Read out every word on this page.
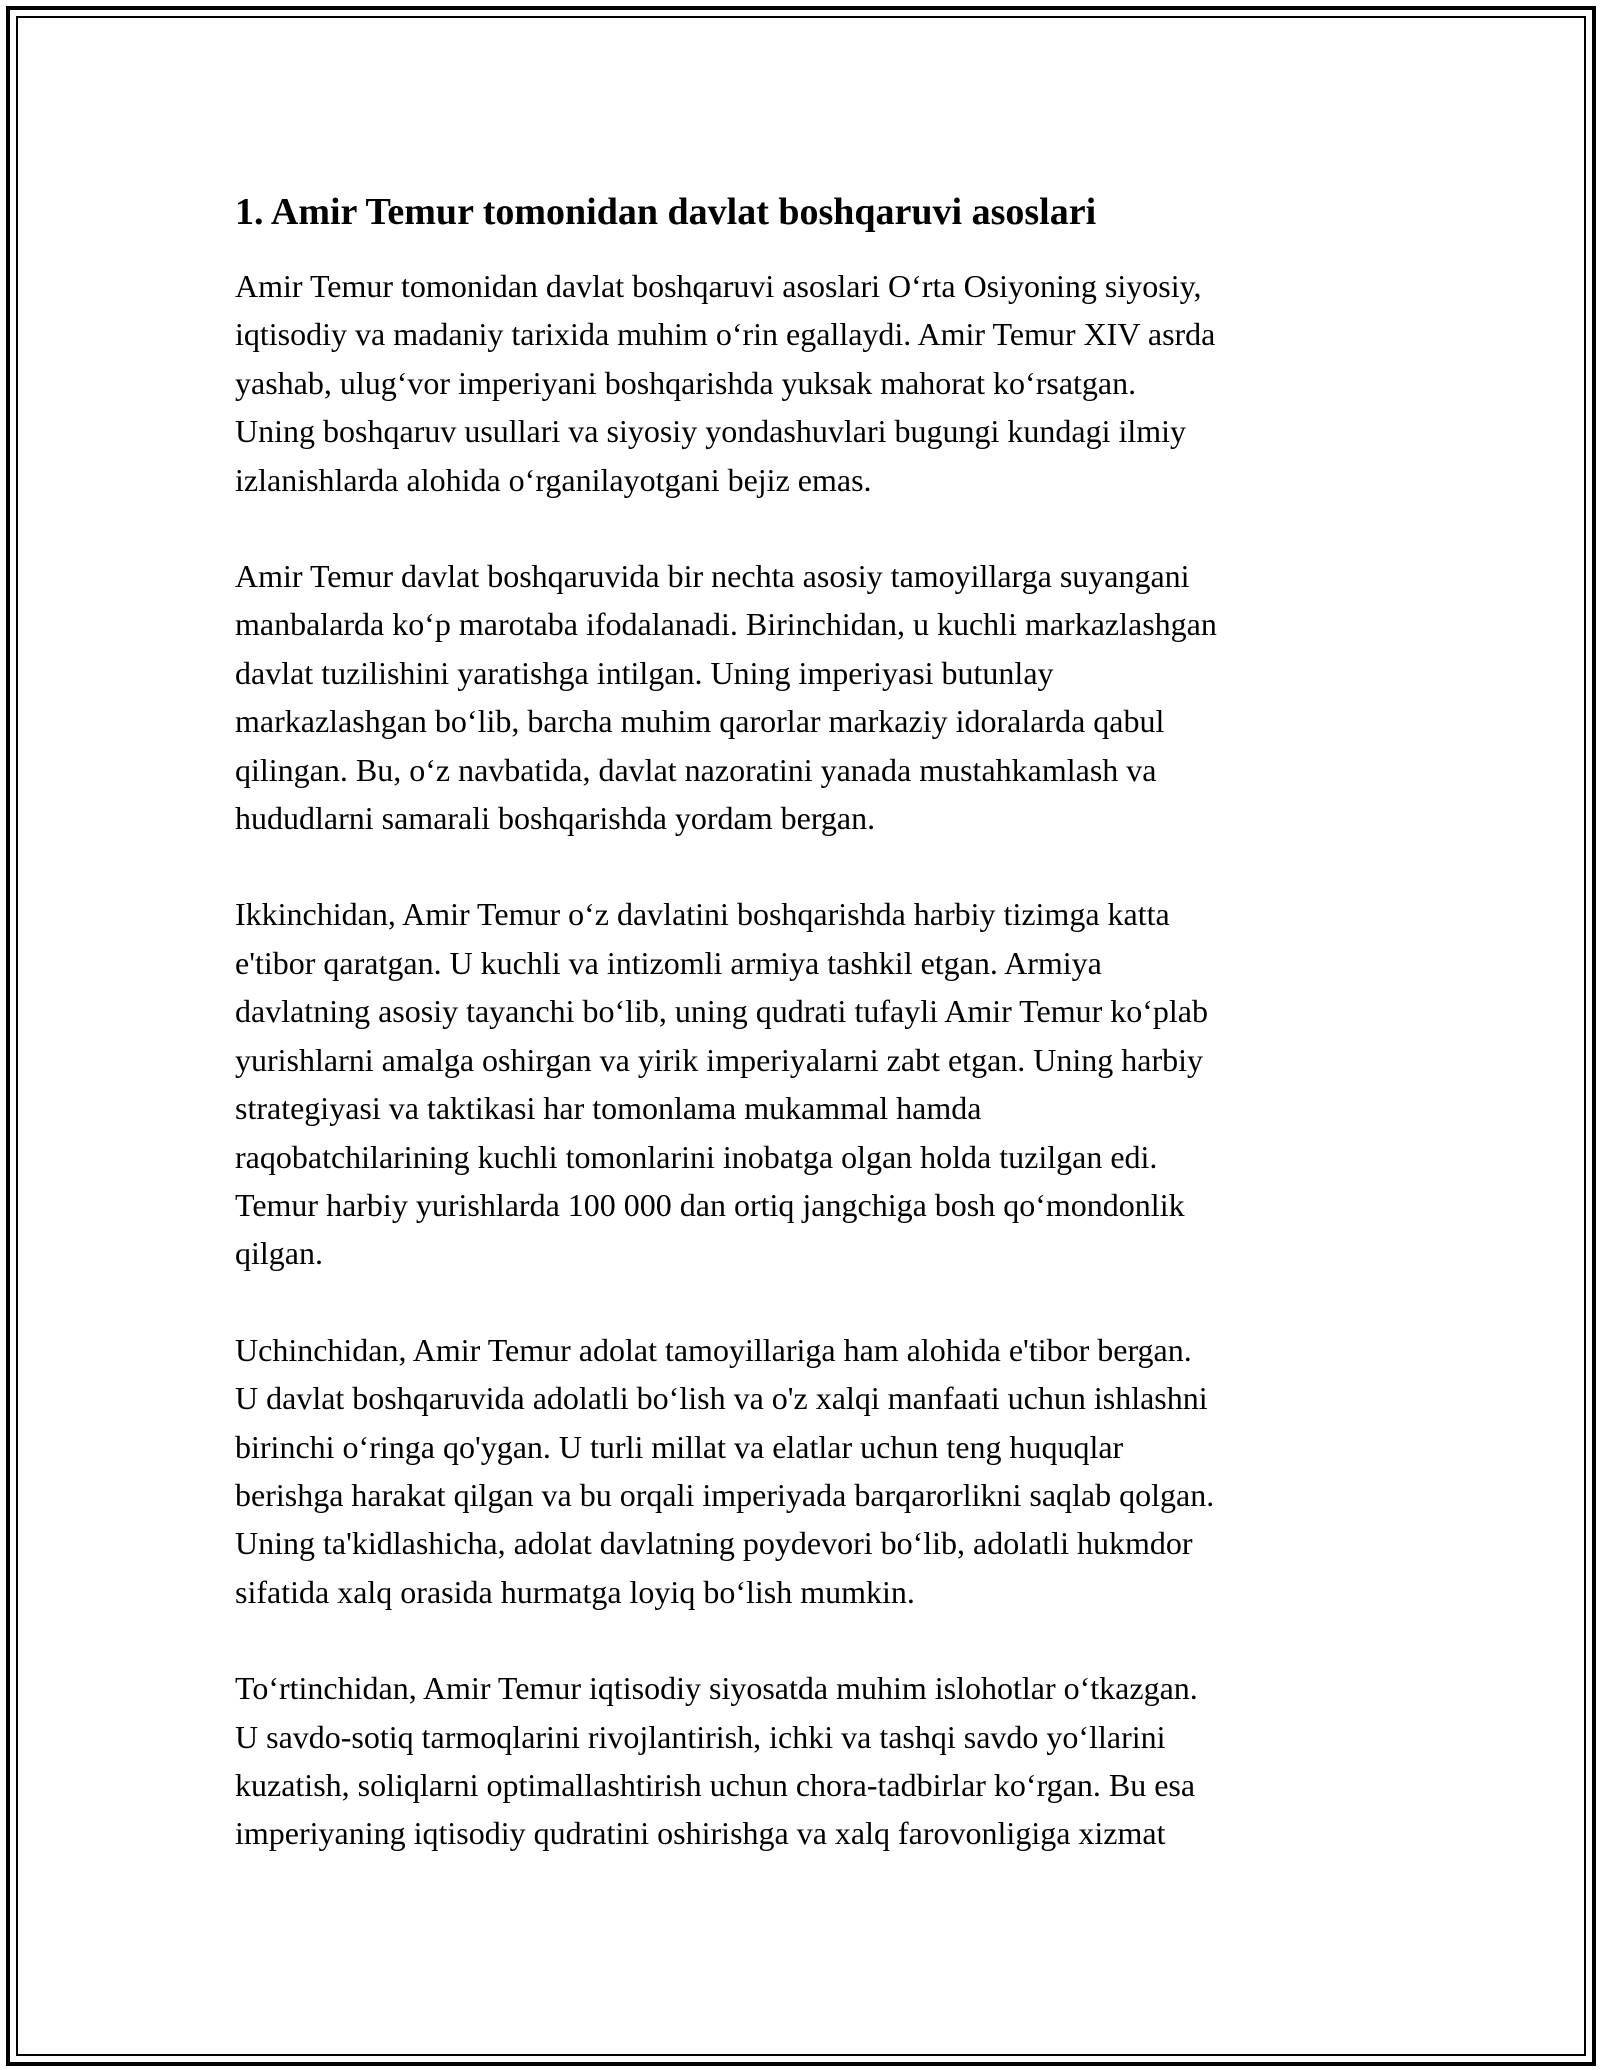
1. Amir Temur tomonidan davlat boshqaruvi asoslari

Amir Temur tomonidan davlat boshqaruvi asoslari O‘rta Osiyoning siyosiy,
iqtisodiy va madaniy tarixida muhim o‘rin egallaydi. Amir Temur XIV asrda
yashab, ulug‘vor imperiyani boshqarishda yuksak mahorat ko‘rsatgan.
Uning boshqaruv usullari va siyosiy yondashuvlari bugungi kundagi ilmiy
izlanishlarda alohida o‘rganilayotgani bejiz emas.

Amir Temur davlat boshqaruvida bir nechta asosiy tamoyillarga suyangani
manbalarda ko‘p marotaba ifodalanadi. Birinchidan, u kuchli markazlashgan
davlat tuzilishini yaratishga intilgan. Uning imperiyasi butunlay
markazlashgan bo‘lib, barcha muhim qarorlar markaziy idoralarda qabul
qilingan. Bu, o‘z navbatida, davlat nazoratini yanada mustahkamlash va
hududlarni samarali boshqarishda yordam bergan.

Ikkinchidan, Amir Temur o‘z davlatini boshqarishda harbiy tizimga katta
e'tibor qaratgan. U kuchli va intizomli armiya tashkil etgan. Armiya
davlatning asosiy tayanchi bo‘lib, uning qudrati tufayli Amir Temur ko‘plab
yurishlarni amalga oshirgan va yirik imperiyalarni zabt etgan. Uning harbiy
strategiyasi va taktikasi har tomonlama mukammal hamda
raqobatchilarining kuchli tomonlarini inobatga olgan holda tuzilgan edi.
Temur harbiy yurishlarda 100 000 dan ortiq jangchiga bosh qo‘mondonlik
qilgan.

Uchinchidan, Amir Temur adolat tamoyillariga ham alohida e'tibor bergan.
U davlat boshqaruvida adolatli bo‘lish va o'z xalqi manfaati uchun ishlashni
birinchi o‘ringa qo'ygan. U turli millat va elatlar uchun teng huquqlar
berishga harakat qilgan va bu orqali imperiyada barqarorlikni saqlab qolgan.
Uning ta'kidlashicha, adolat davlatning poydevori bo‘lib, adolatli hukmdor
sifatida xalq orasida hurmatga loyiq bo‘lish mumkin.

To‘rtinchidan, Amir Temur iqtisodiy siyosatda muhim islohotlar o‘tkazgan.
U savdo-sotiq tarmoqlarini rivojlantirish, ichki va tashqi savdo yo‘llarini
kuzatish, soliqlarni optimallashtirish uchun chora-tadbirlar ko‘rgan. Bu esa
imperiyaning iqtisodiy qudratini oshirishga va xalq farovonligiga xizmat
